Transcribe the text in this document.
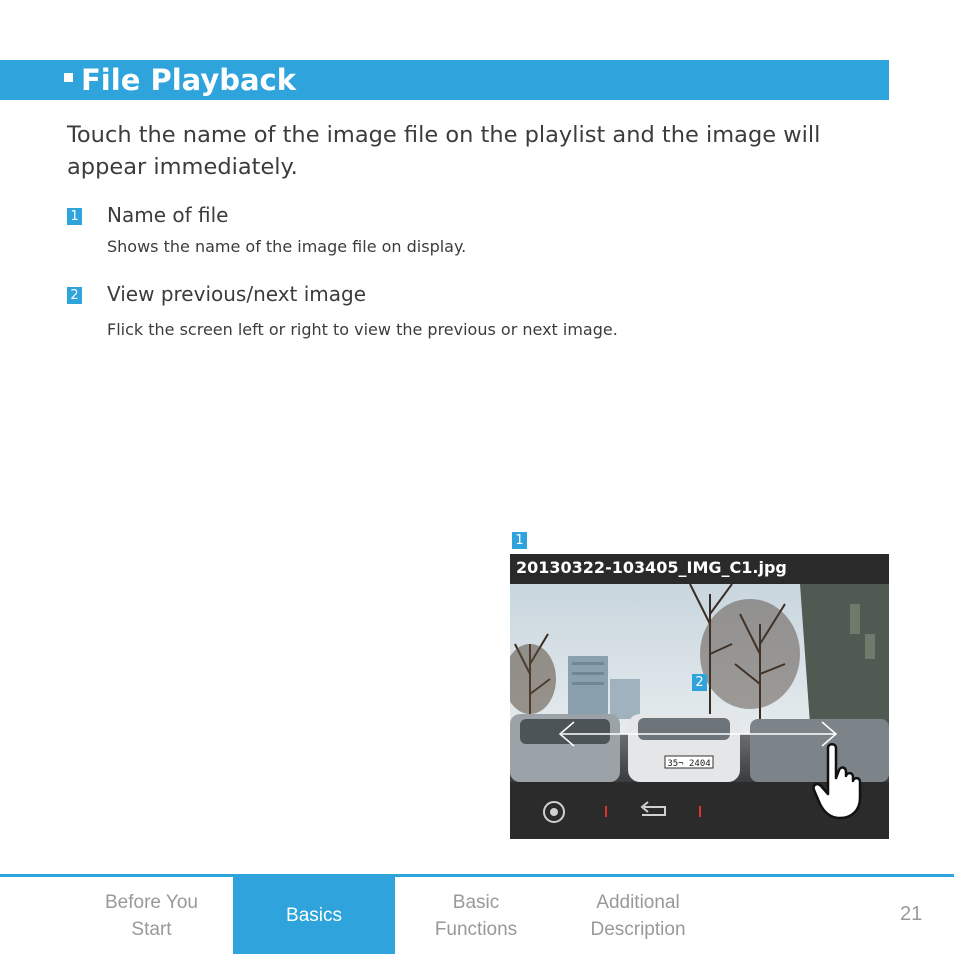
File Playback
Touch the name of the image file on the playlist and the image will appear immediately.
1 Name of file
Shows the name of the image file on display.
2 View previous/next image
Flick the screen left or right to view the previous or next image.
1
20130322-103405_IMG_C1.jpg
35¬ 2404
2
Before You
Start
Basics
Basic
Functions
Additional
Description
21
